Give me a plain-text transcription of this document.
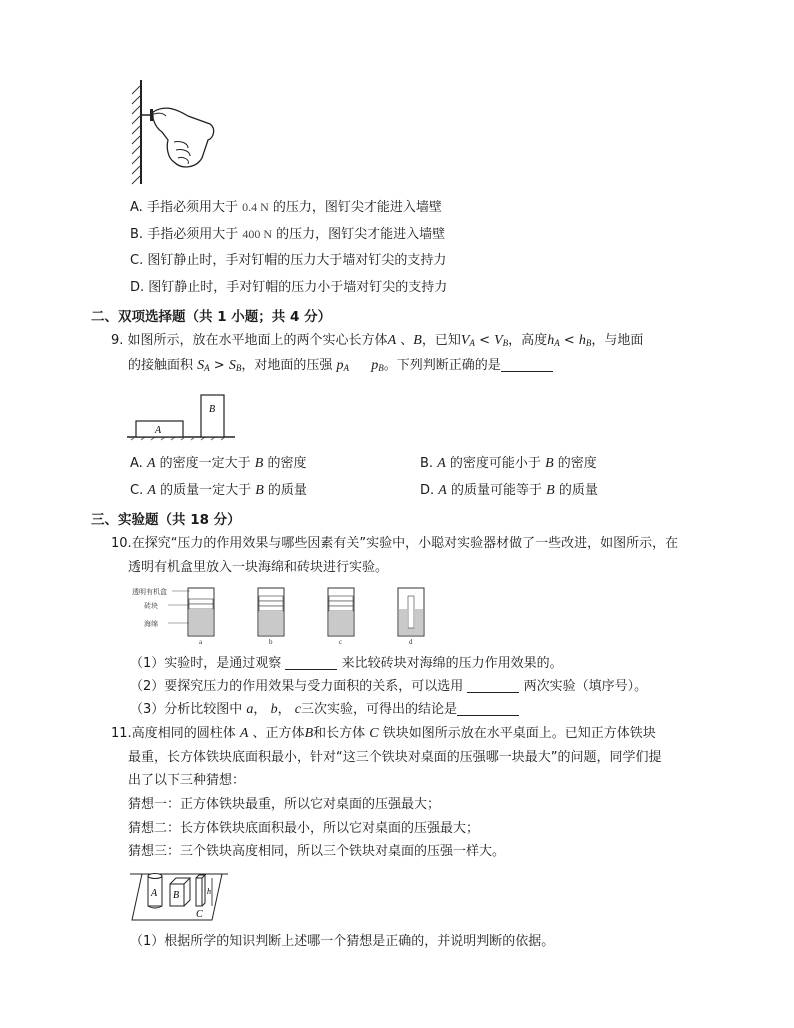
A. 手指必须用大于 0.4 N 的压力，图钉尖才能进入墙壁
B. 手指必须用大于 400 N 的压力，图钉尖才能进入墙壁
C. 图钉静止时，手对钉帽的压力大于墙对钉尖的支持力
D. 图钉静止时，手对钉帽的压力小于墙对钉尖的支持力
二、双项选择题（共 1 小题；共 4 分）
9. 如图所示，放在水平地面上的两个实心长方体A 、B，已知$V_A < V_B$，高度$h_A < h_B$，与地面
的接触面积 $S_A > S_B$，对地面的压强 $p_A$ $p_B$。下列判断正确的是
A
B
A. A 的密度一定大于 B 的密度	B. A 的密度可能小于 B 的密度
C. A 的质量一定大于 B 的质量	D. A 的质量可能等于 B 的质量
三、实验题（共 18 分）
10.在探究“压力的作用效果与哪些因素有关”实验中，小聪对实验器材做了一些改进，如图所示，在
透明有机盒里放入一块海绵和砖块进行实验。
透明有机盒
砖块
海绵
a	b	c	d
（1）实验时，是通过观察	来比较砖块对海绵的压力作用效果的。
（2）要探究压力的作用效果与受力面积的关系，可以选用	两次实验（填序号）。
（3）分析比较图中 a， b， c三次实验，可得出的结论是
11.高度相同的圆柱体 A 、正方体B和长方体 C 铁块如图所示放在水平桌面上。已知正方体铁块
最重，长方体铁块底面积最小，针对“这三个铁块对桌面的压强哪一块最大”的问题，同学们提
出了以下三种猜想：
猜想一：正方体铁块最重，所以它对桌面的压强最大；
猜想二：长方体铁块底面积最小，所以它对桌面的压强最大；
猜想三：三个铁块高度相同，所以三个铁块对桌面的压强一样大。
A B
C
h
（1）根据所学的知识判断上述哪一个猜想是正确的，并说明判断的依据。
